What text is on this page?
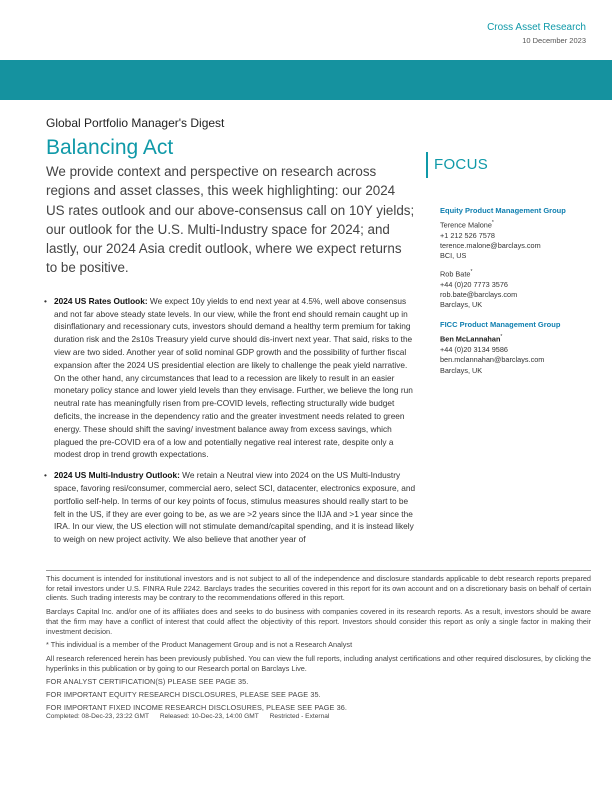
Cross Asset Research
10 December 2023
Global Portfolio Manager's Digest
Balancing Act
We provide context and perspective on research across regions and asset classes, this week highlighting: our 2024 US rates outlook and our above-consensus call on 10Y yields; our outlook for the U.S. Multi-Industry space for 2024; and lastly, our 2024 Asia credit outlook, where we expect returns to be positive.
• 2024 US Rates Outlook: We expect 10y yields to end next year at 4.5%, well above consensus and not far above steady state levels. In our view, while the front end should remain caught up in disinflationary and recessionary cuts, investors should demand a healthy term premium for taking duration risk and the 2s10s Treasury yield curve should dis-invert next year. That said, risks to the view are two sided. Another year of solid nominal GDP growth and the possibility of further fiscal expansion after the 2024 US presidential election are likely to challenge the peak yield narrative. On the other hand, any circumstances that lead to a recession are likely to result in an easier monetary policy stance and lower yield levels than they envisage. Further, we believe the long run neutral rate has meaningfully risen from pre-COVID levels, reflecting structurally wide budget deficits, the increase in the dependency ratio and the greater investment needs related to green energy. These should shift the saving/ investment balance away from excess savings, which plagued the pre-COVID era of a low and potentially negative real interest rate, despite only a modest drop in trend growth expectations.
• 2024 US Multi-Industry Outlook: We retain a Neutral view into 2024 on the US Multi-Industry space, favoring resi/consumer, commercial aero, select SCI, datacenter, electronics exposure, and portfolio self-help. In terms of our key points of focus, stimulus measures should really start to be felt in the US, if they are ever going to be, as we are >2 years since the IIJA and >1 year since the IRA. In our view, the US election will not stimulate demand/capital spending, and it is instead likely to weigh on new project activity. We also believe that another year of
FOCUS
Equity Product Management Group
Terence Malone*
+1 212 526 7578
terence.malone@barclays.com
BCI, US
Rob Bate*
+44 (0)20 7773 3576
rob.bate@barclays.com
Barclays, UK
FICC Product Management Group
Ben McLannahan*
+44 (0)20 3134 9586
ben.mclannahan@barclays.com
Barclays, UK
This document is intended for institutional investors and is not subject to all of the independence and disclosure standards applicable to debt research reports prepared for retail investors under U.S. FINRA Rule 2242. Barclays trades the securities covered in this report for its own account and on a discretionary basis on behalf of certain clients. Such trading interests may be contrary to the recommendations offered in this report.
Barclays Capital Inc. and/or one of its affiliates does and seeks to do business with companies covered in its research reports. As a result, investors should be aware that the firm may have a conflict of interest that could affect the objectivity of this report. Investors should consider this report as only a single factor in making their investment decision.
* This individual is a member of the Product Management Group and is not a Research Analyst
All research referenced herein has been previously published. You can view the full reports, including analyst certifications and other required disclosures, by clicking the hyperlinks in this publication or by going to our Research portal on Barclays Live.
FOR ANALYST CERTIFICATION(S) PLEASE SEE PAGE 35.
FOR IMPORTANT EQUITY RESEARCH DISCLOSURES, PLEASE SEE PAGE 35.
FOR IMPORTANT FIXED INCOME RESEARCH DISCLOSURES, PLEASE SEE PAGE 36.
Completed: 08-Dec-23, 23:22 GMT Released: 10-Dec-23, 14:00 GMT Restricted - External
